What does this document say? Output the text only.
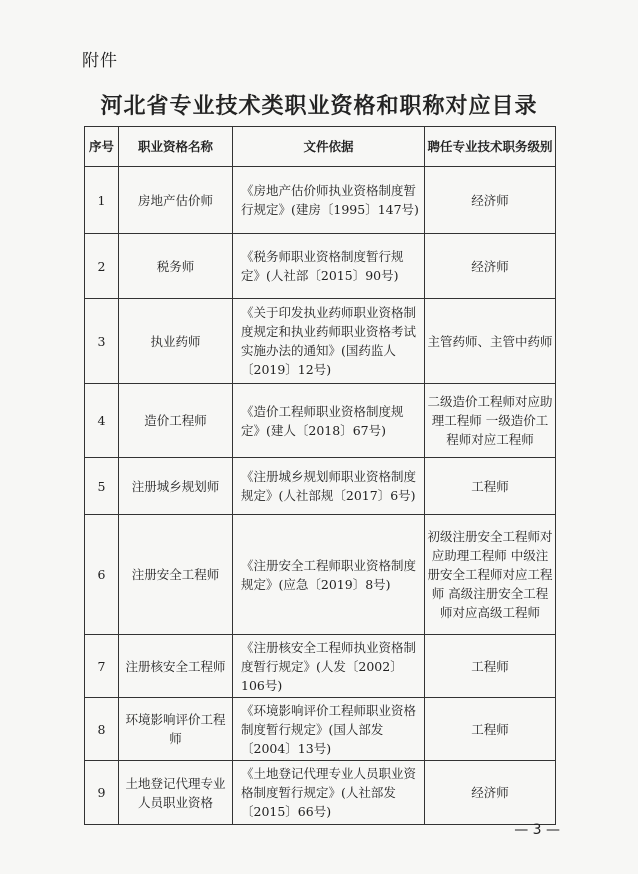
附件
河北省专业技术类职业资格和职称对应目录
序号	职业资格名称	文件依据	聘任专业技术职务级别
1	房地产估价师	《房地产估价师执业资格制度暂行规定》(建房〔1995〕147号)	经济师
2	税务师	《税务师职业资格制度暂行规定》(人社部〔2015〕90号)	经济师
3	执业药师	《关于印发执业药师职业资格制度规定和执业药师职业资格考试实施办法的通知》(国药监人〔2019〕12号)	主管药师、主管中药师
4	造价工程师	《造价工程师职业资格制度规定》(建人〔2018〕67号)	二级造价工程师对应助理工程师 一级造价工程师对应工程师
5	注册城乡规划师	《注册城乡规划师职业资格制度规定》(人社部规〔2017〕6号)	工程师
6	注册安全工程师	《注册安全工程师职业资格制度规定》(应急〔2019〕8号)	初级注册安全工程师对应助理工程师 中级注册安全工程师对应工程师 高级注册安全工程师对应高级工程师
7	注册核安全工程师	《注册核安全工程师执业资格制度暂行规定》(人发〔2002〕106号)	工程师
8	环境影响评价工程师	《环境影响评价工程师职业资格制度暂行规定》(国人部发〔2004〕13号)	工程师
9	土地登记代理专业人员职业资格	《土地登记代理专业人员职业资格制度暂行规定》(人社部发〔2015〕66号)	经济师
— 3 —
